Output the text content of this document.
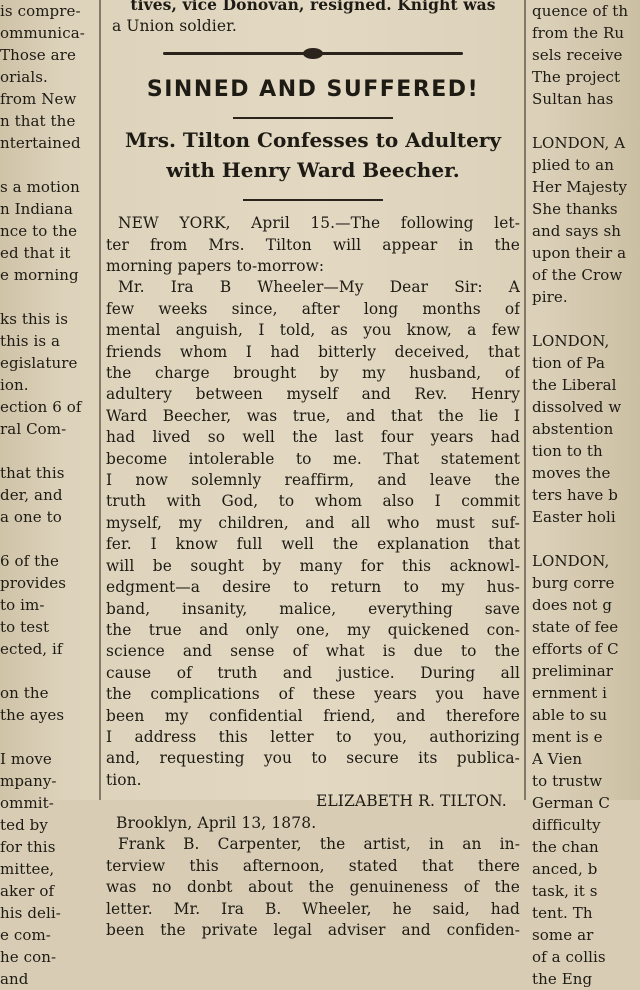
is compre-
ommunica-
Those are
orials.
from New
n that the
ntertained

s a motion
n Indiana
nce to the
ed that it
e morning

ks this is
this is a
egislature
ion.
ection 6 of
ral Com-

that this
der, and
a one to

6 of the
provides
to im-
to test
ected, if

on the
the ayes

I move
mpany-
ommit-
ted by
for this
mittee,
aker of
his deli-
e com-
he con-
and
tives, vice Donovan, resigned. Knight was
a Union soldier.
SINNED AND SUFFERED!
Mrs. Tilton Confesses to Adultery
with Henry Ward Beecher.
NEW YORK, April 15.—The following let-
ter from Mrs. Tilton will appear in the
morning papers to-morrow:
Mr. Ira B Wheeler—My Dear Sir: A
few weeks since, after long months of
mental anguish, I told, as you know, a few
friends whom I had bitterly deceived, that
the charge brought by my husband, of
adultery between myself and Rev. Henry
Ward Beecher, was true, and that the lie I
had lived so well the last four years had
become intolerable to me. That statement
I now solemnly reaffirm, and leave the
truth with God, to whom also I commit
myself, my children, and all who must suf-
fer. I know full well the explanation that
will be sought by many for this acknowl-
edgment—a desire to return to my hus-
band, insanity, malice, everything save
the true and only one, my quickened con-
science and sense of what is due to the
cause of truth and justice. During all
the complications of these years you have
been my confidential friend, and therefore
I address this letter to you, authorizing
and, requesting you to secure its publica-
tion.
ELIZABETH R. TILTON.
Brooklyn, April 13, 1878.
Frank B. Carpenter, the artist, in an in-
terview this afternoon, stated that there
was no donbt about the genuineness of the
letter. Mr. Ira B. Wheeler, he said, had
been the private legal adviser and confiden-
quence of th
from the Ru
sels receive
The project
Sultan has

LONDON, A
plied to an
Her Majesty
She thanks
and says sh
upon their a
of the Crow
pire.

LONDON,
tion of Pa
the Liberal
dissolved w
abstention
tion to th
moves the
ters have b
Easter holi

LONDON,
burg corre
does not g
state of fee
efforts of C
preliminar
ernment i
able to su
ment is e
A Vien
to trustw
German C
difficulty
the chan
anced, b
task, it s
tent. Th
some ar
of a collis
the Eng
